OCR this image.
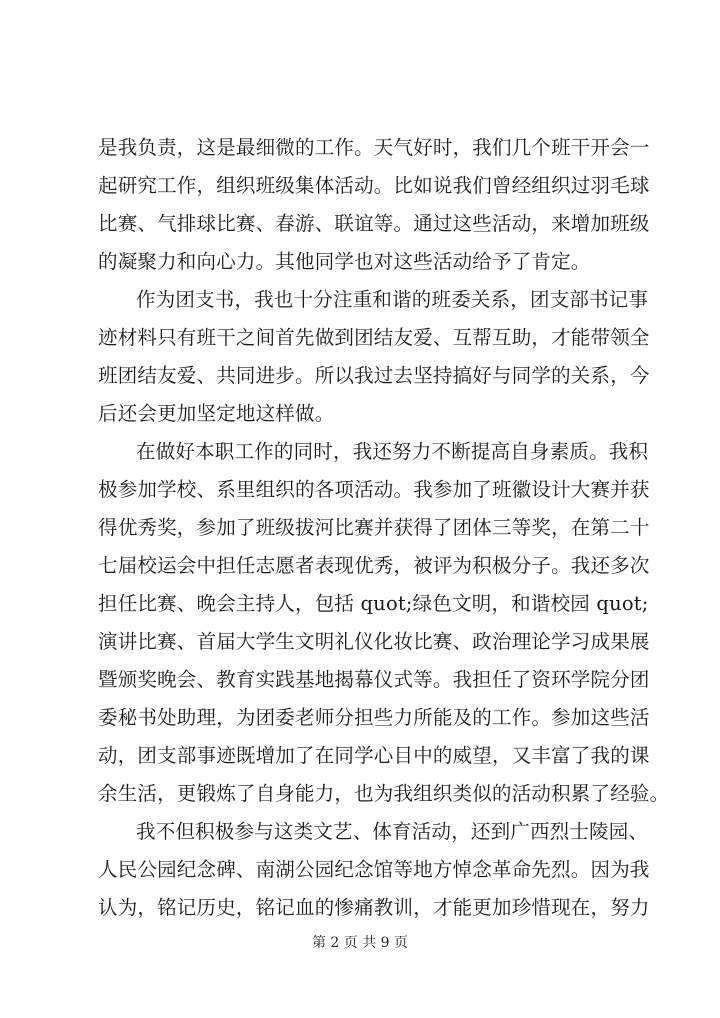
是我负责，这是最细微的工作。天气好时，我们几个班干开会一
起研究工作，组织班级集体活动。比如说我们曾经组织过羽毛球
比赛、气排球比赛、春游、联谊等。通过这些活动，来增加班级
的凝聚力和向心力。其他同学也对这些活动给予了肯定。
作为团支书，我也十分注重和谐的班委关系，团支部书记事
迹材料只有班干之间首先做到团结友爱、互帮互助，才能带领全
班团结友爱、共同进步。所以我过去坚持搞好与同学的关系，今
后还会更加坚定地这样做。
在做好本职工作的同时，我还努力不断提高自身素质。我积
极参加学校、系里组织的各项活动。我参加了班徽设计大赛并获
得优秀奖，参加了班级拔河比赛并获得了团体三等奖，在第二十
七届校运会中担任志愿者表现优秀，被评为积极分子。我还多次
担任比赛、晚会主持人，包括 quot;绿色文明，和谐校园 quot;
演讲比赛、首届大学生文明礼仪化妆比赛、政治理论学习成果展
暨颁奖晚会、教育实践基地揭幕仪式等。我担任了资环学院分团
委秘书处助理，为团委老师分担些力所能及的工作。参加这些活
动，团支部事迹既增加了在同学心目中的威望，又丰富了我的课
余生活，更锻炼了自身能力，也为我组织类似的活动积累了经验。
我不但积极参与这类文艺、体育活动，还到广西烈士陵园、
人民公园纪念碑、南湖公园纪念馆等地方悼念革命先烈。因为我
认为，铭记历史，铭记血的惨痛教训，才能更加珍惜现在，努力
第 2 页 共 9 页
